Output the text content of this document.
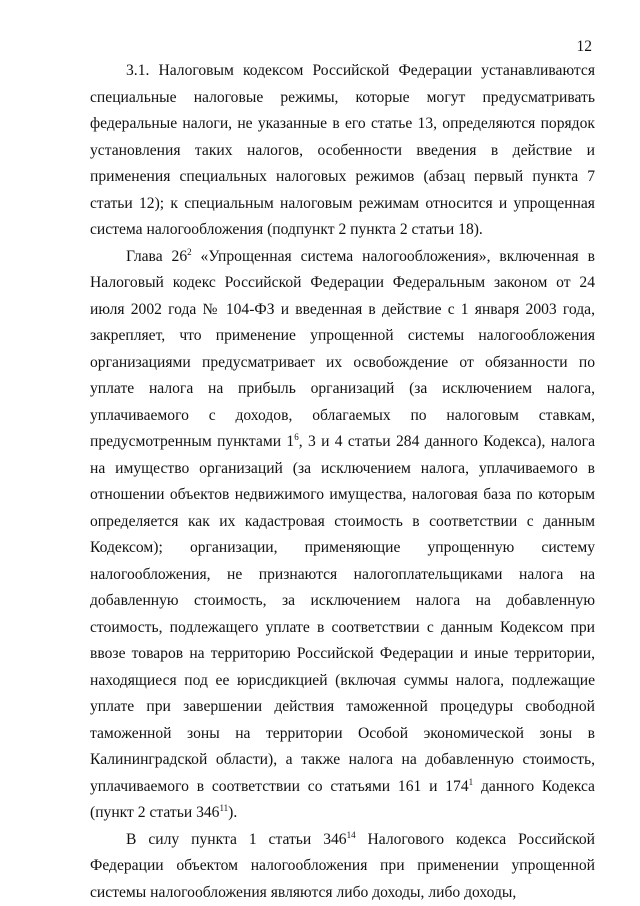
12

3.1. Налоговым кодексом Российской Федерации устанавливаются специальные налоговые режимы, которые могут предусматривать федеральные налоги, не указанные в его статье 13, определяются порядок установления таких налогов, особенности введения в действие и применения специальных налоговых режимов (абзац первый пункта 7 статьи 12); к специальным налоговым режимам относится и упрощенная система налогообложения (подпункт 2 пункта 2 статьи 18).

Глава $26^2$ «Упрощенная система налогообложения», включенная в Налоговый кодекс Российской Федерации Федеральным законом от 24 июля 2002 года № 104-ФЗ и введенная в действие с 1 января 2003 года, закрепляет, что применение упрощенной системы налогообложения организациями предусматривает их освобождение от обязанности по уплате налога на прибыль организаций (за исключением налога, уплачиваемого с доходов, облагаемых по налоговым ставкам, предусмотренным пунктами $1^6$, 3 и 4 статьи 284 данного Кодекса), налога на имущество организаций (за исключением налога, уплачиваемого в отношении объектов недвижимого имущества, налоговая база по которым определяется как их кадастровая стоимость в соответствии с данным Кодексом); организации, применяющие упрощенную систему налогообложения, не признаются налогоплательщиками налога на добавленную стоимость, за исключением налога на добавленную стоимость, подлежащего уплате в соответствии с данным Кодексом при ввозе товаров на территорию Российской Федерации и иные территории, находящиеся под ее юрисдикцией (включая суммы налога, подлежащие уплате при завершении действия таможенной процедуры свободной таможенной зоны на территории Особой экономической зоны в Калининградской области), а также налога на добавленную стоимость, уплачиваемого в соответствии со статьями 161 и $174^1$ данного Кодекса (пункт 2 статьи $346^{11}$).

В силу пункта 1 статьи $346^{14}$ Налогового кодекса Российской Федерации объектом налогообложения при применении упрощенной системы налогообложения являются либо доходы, либо доходы,
